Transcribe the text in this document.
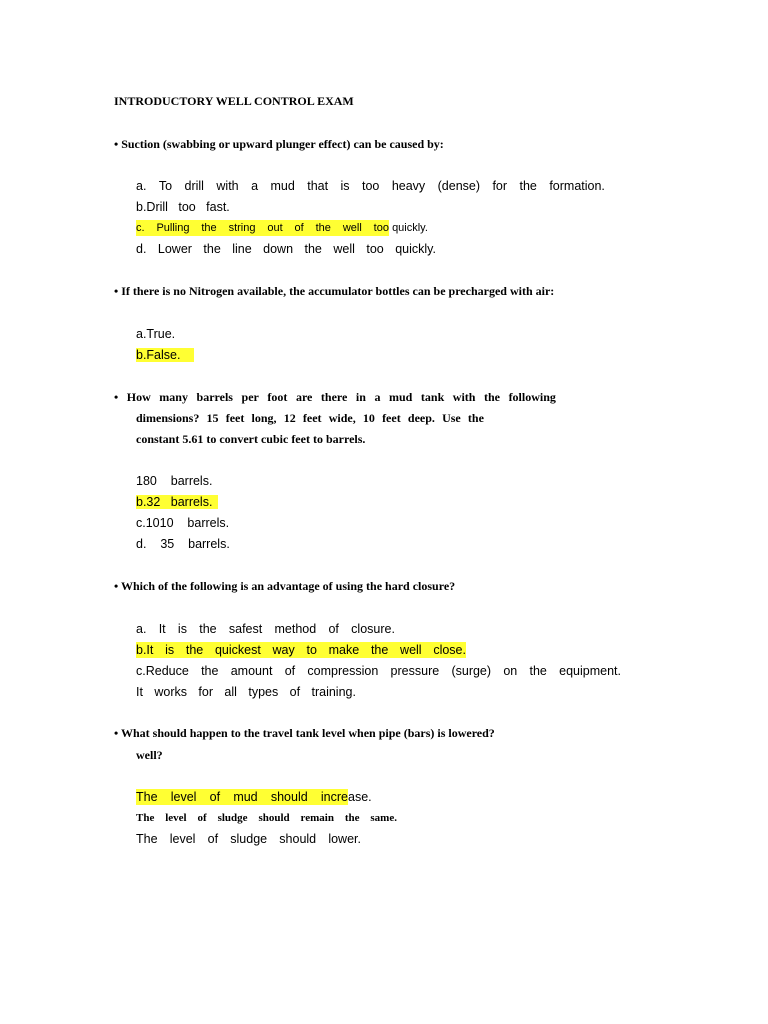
INTRODUCTORY WELL CONTROL EXAM
• Suction (swabbing or upward plunger effect) can be caused by:
a. To drill with a mud that is too heavy (dense) for the formation.
b.Drill   too   fast.
c. Pulling the string out of the well too quickly.
d. Lower the line down the well too quickly.
• If there is no Nitrogen available, the accumulator bottles can be precharged with air:
a.True.
b.False.
• How many barrels per foot are there in a mud tank with the following
dimensions? 15 feet long, 12 feet wide, 10 feet deep. Use the
constant 5.61 to convert cubic feet to barrels.
180    barrels.
b.32   barrels.
c.1010    barrels.
d.    35    barrels.
• Which of the following is an advantage of using the hard closure?
a. It is the safest method of closure.
b.It is the quickest way to make the well close.
c.Reduce the amount of compression pressure (surge) on the equipment.
It works for all types of training.
• What should happen to the travel tank level when pipe (bars) is lowered?
well?
The level of mud should incre ase.
The level of sludge should remain the same.
The level of sludge should lower.
